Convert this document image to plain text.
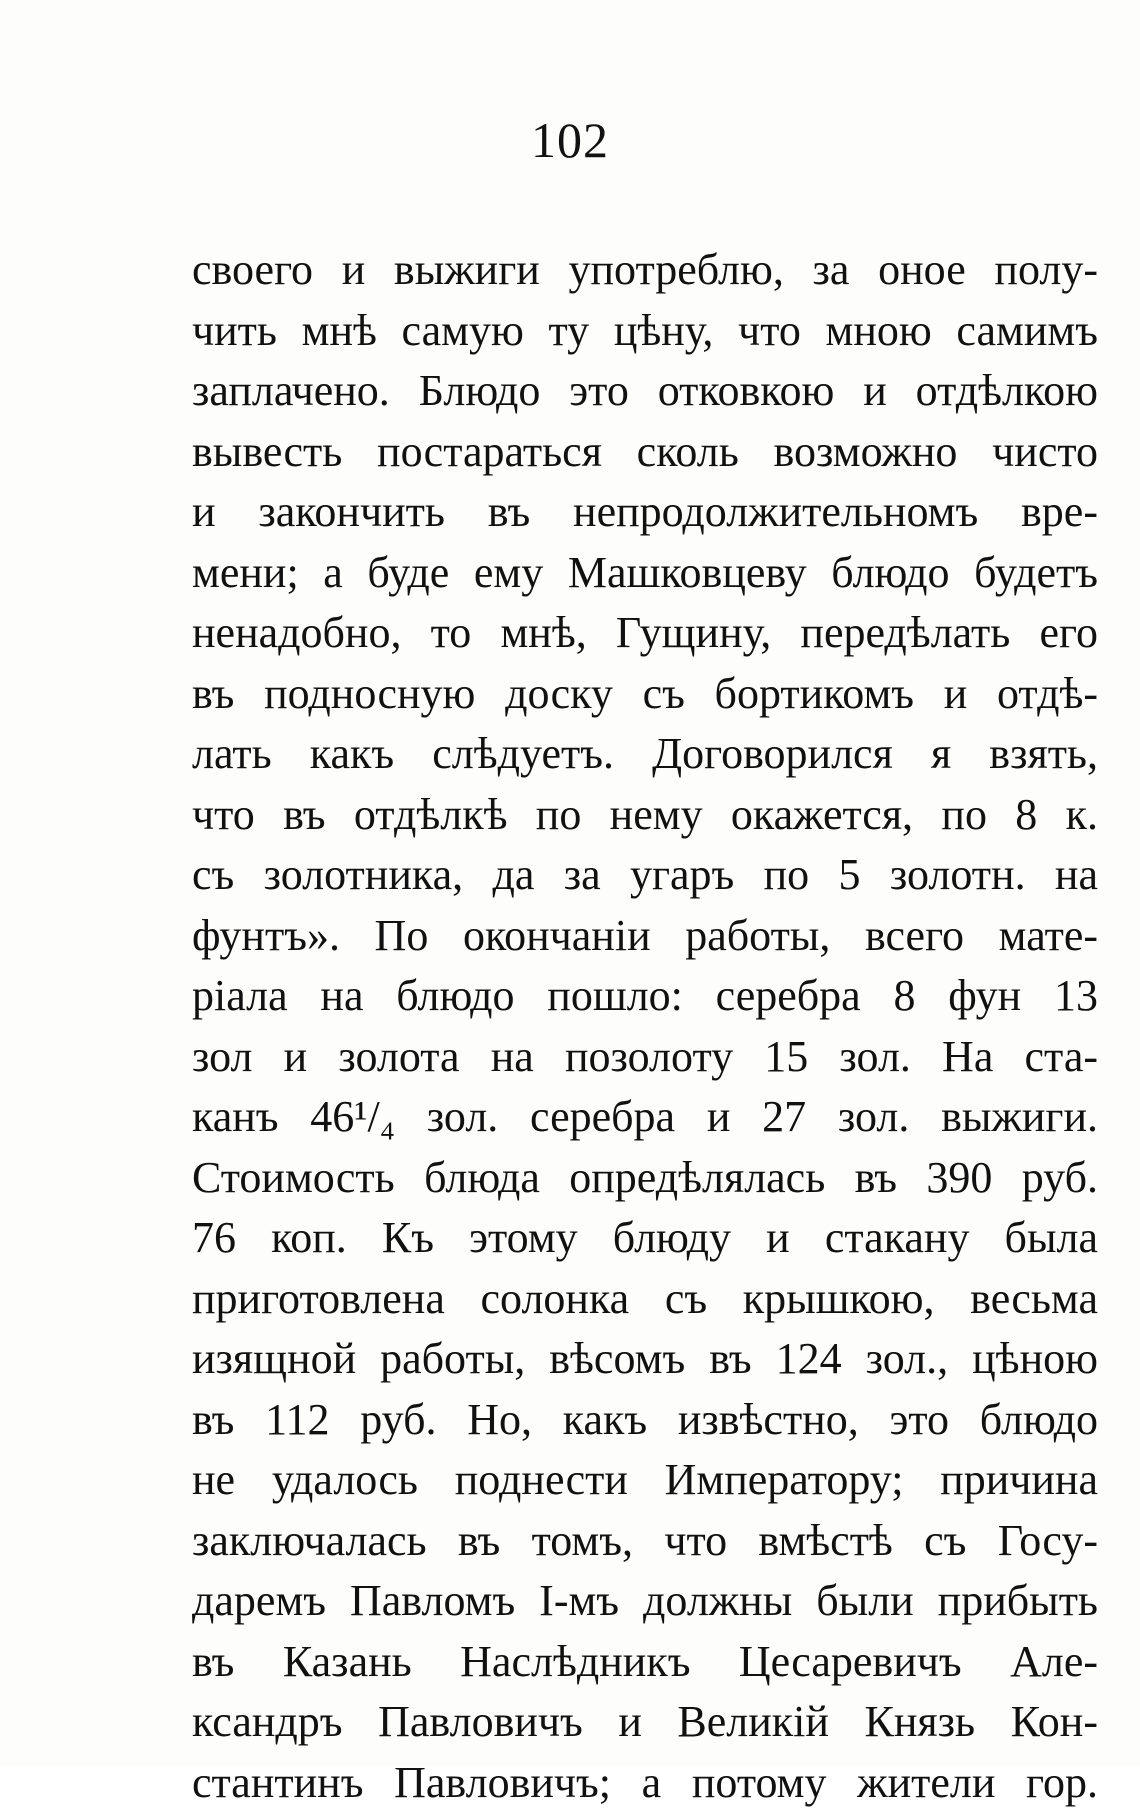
102
своего и выжиги употреблю, за оное полу-
чить мнѣ самую ту цѣну, что мною самимъ
заплачено. Блюдо это отковкою и отдѣлкою
вывесть постараться сколь возможно чисто
и закончить въ непродолжительномъ вре-
мени; а буде ему Машковцеву блюдо будетъ
ненадобно, то мнѣ, Гущину, передѣлать его
въ подносную доску съ бортикомъ и отдѣ-
лать какъ слѣдуетъ. Договорился я взять,
что въ отдѣлкѣ по нему окажется, по 8 к.
съ золотника, да за угаръ по 5 золотн. на
фунтъ». По окончаніи работы, всего мате-
ріала на блюдо пошло: серебра 8 фун 13
зол и золота на позолоту 15 зол. На ста-
канъ 46¹/₄ зол. серебра и 27 зол. выжиги.
Стоимость блюда опредѣлялась въ 390 руб.
76 коп. Къ этому блюду и стакану была
приготовлена солонка съ крышкою, весьма
изящной работы, вѣсомъ въ 124 зол., цѣною
въ 112 руб. Но, какъ извѣстно, это блюдо
не удалось поднести Императору; причина
заключалась въ томъ, что вмѣстѣ съ Госу-
даремъ Павломъ І-мъ должны были прибыть
въ Казань Наслѣдникъ Цесаревичъ Але-
ксандръ Павловичъ и Великій Князь Кон-
стантинъ Павловичъ; а потому жители гор.
